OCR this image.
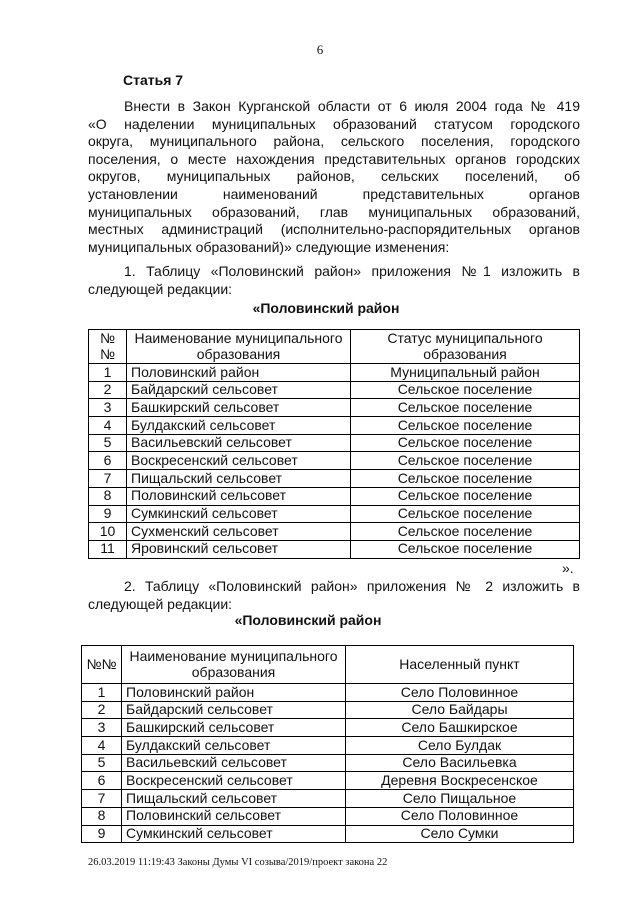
6
Статья 7
Внести в Закон Курганской области от 6 июля 2004 года № 419
«О наделении муниципальных образований статусом городского
округа, муниципального района, сельского поселения, городского
поселения, о месте нахождения представительных органов городских
округов, муниципальных районов, сельских поселений, об
установлении наименований представительных органов
муниципальных образований, глав муниципальных образований,
местных администраций (исполнительно-распорядительных органов
муниципальных образований)» следующие изменения:
1. Таблицу «Половинский район» приложения №1 изложить в
следующей редакции:
«Половинский район
№№	Наименование муниципального образования	Статус муниципального образования
1	Половинский район	Муниципальный район
2	Байдарский сельсовет	Сельское поселение
3	Башкирский сельсовет	Сельское поселение
4	Булдакский сельсовет	Сельское поселение
5	Васильевский сельсовет	Сельское поселение
6	Воскресенский сельсовет	Сельское поселение
7	Пищальский сельсовет	Сельское поселение
8	Половинский сельсовет	Сельское поселение
9	Сумкинский сельсовет	Сельское поселение
10	Сухменский сельсовет	Сельское поселение
11	Яровинский сельсовет	Сельское поселение
».
2. Таблицу «Половинский район» приложения № 2 изложить в
следующей редакции:
«Половинский район
№№	Наименование муниципального образования	Населенный пункт
1	Половинский район	Село Половинное
2	Байдарский сельсовет	Село Байдары
3	Башкирский сельсовет	Село Башкирское
4	Булдакский сельсовет	Село Булдак
5	Васильевский сельсовет	Село Васильевка
6	Воскресенский сельсовет	Деревня Воскресенское
7	Пищальский сельсовет	Село Пищальное
8	Половинский сельсовет	Село Половинное
9	Сумкинский сельсовет	Село Сумки
26.03.2019 11:19:43 Законы Думы VI созыва/2019/проект закона 22
